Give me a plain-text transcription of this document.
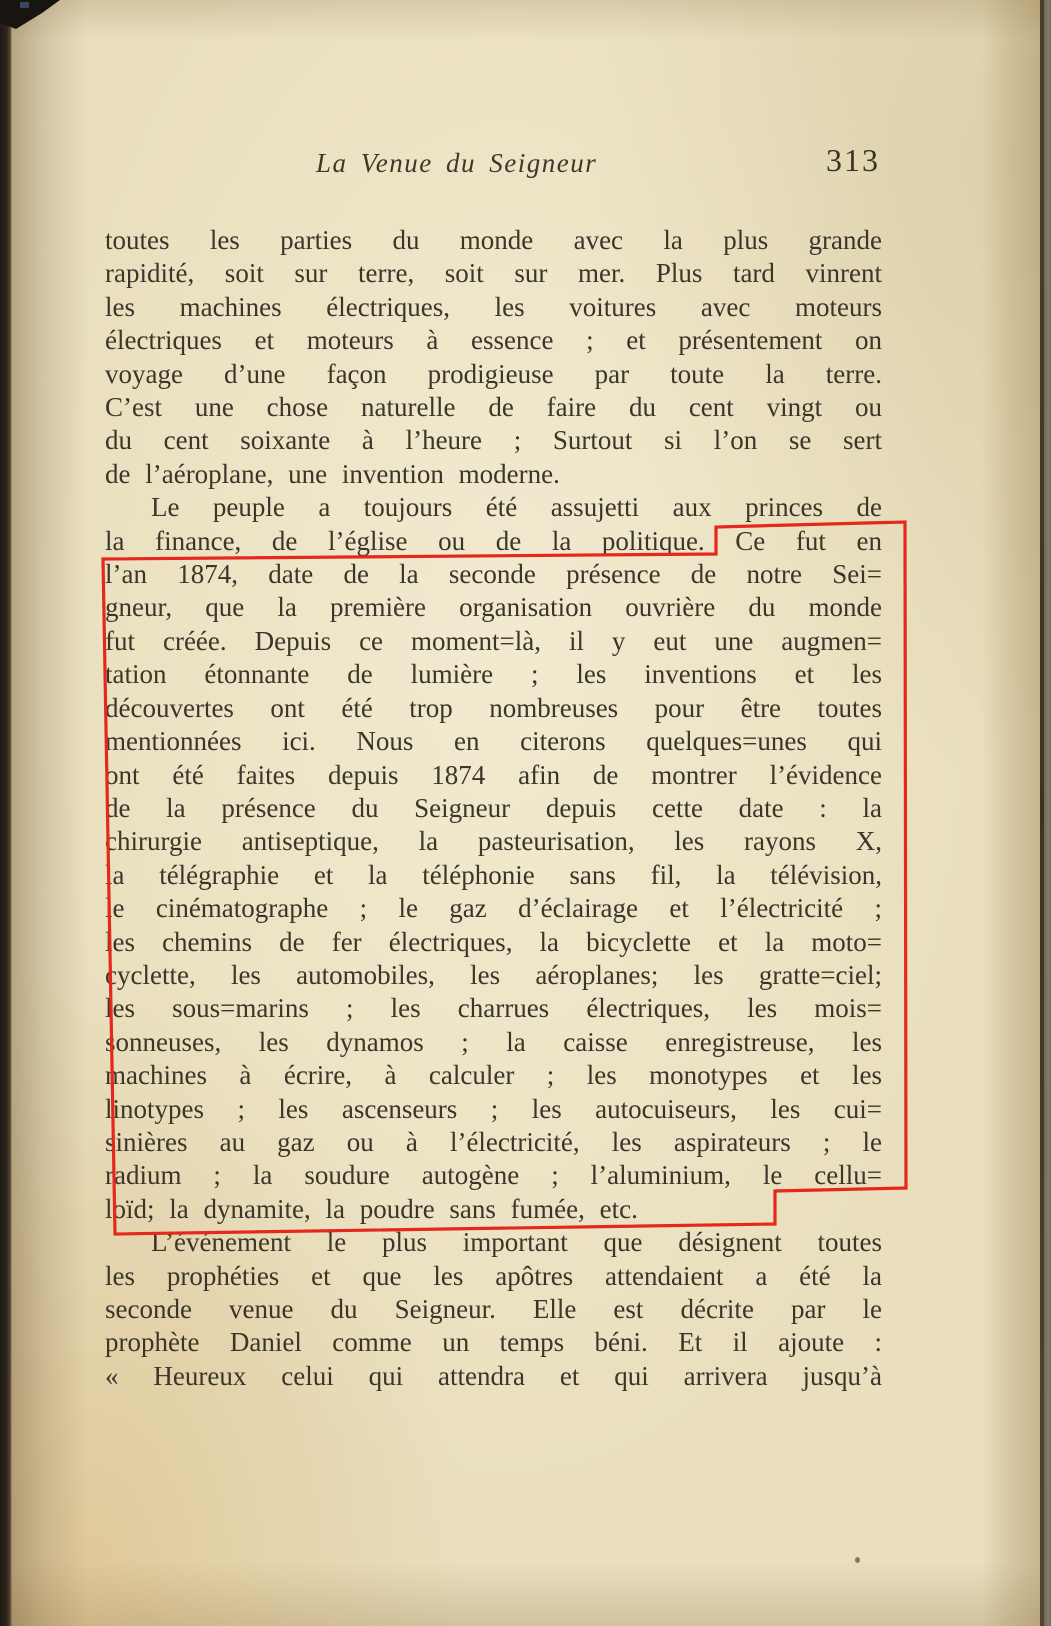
La Venue du Seigneur	313
toutes les parties du monde avec la plus grande
rapidité, soit sur terre, soit sur mer. Plus tard vinrent
les machines électriques, les voitures avec moteurs
électriques et moteurs à essence ; et présentement on
voyage d’une façon prodigieuse par toute la terre.
C’est une chose naturelle de faire du cent vingt ou
du cent soixante à l’heure ; Surtout si l’on se sert
de l’aéroplane, une invention moderne.
Le peuple a toujours été assujetti aux princes de
la finance, de l’église ou de la politique. Ce fut en
l’an 1874, date de la seconde présence de notre Sei=
gneur, que la première organisation ouvrière du monde
fut créée. Depuis ce moment=là, il y eut une augmen=
tation étonnante de lumière ; les inventions et les
découvertes ont été trop nombreuses pour être toutes
mentionnées ici. Nous en citerons quelques=unes qui
ont été faites depuis 1874 afin de montrer l’évidence
de la présence du Seigneur depuis cette date : la
chirurgie antiseptique, la pasteurisation, les rayons X,
la télégraphie et la téléphonie sans fil, la télévision,
le cinématographe ; le gaz d’éclairage et l’électricité ;
les chemins de fer électriques, la bicyclette et la moto=
cyclette, les automobiles, les aéroplanes; les gratte=ciel;
les sous=marins ; les charrues électriques, les mois=
sonneuses, les dynamos ; la caisse enregistreuse, les
machines à écrire, à calculer ; les monotypes et les
linotypes ; les ascenseurs ; les autocuiseurs, les cui=
sinières au gaz ou à l’électricité, les aspirateurs ; le
radium ; la soudure autogène ; l’aluminium, le cellu=
loïd; la dynamite, la poudre sans fumée, etc.
L’événement le plus important que désignent toutes
les prophéties et que les apôtres attendaient a été la
seconde venue du Seigneur. Elle est décrite par le
prophète Daniel comme un temps béni. Et il ajoute :
« Heureux celui qui attendra et qui arrivera jusqu’à
